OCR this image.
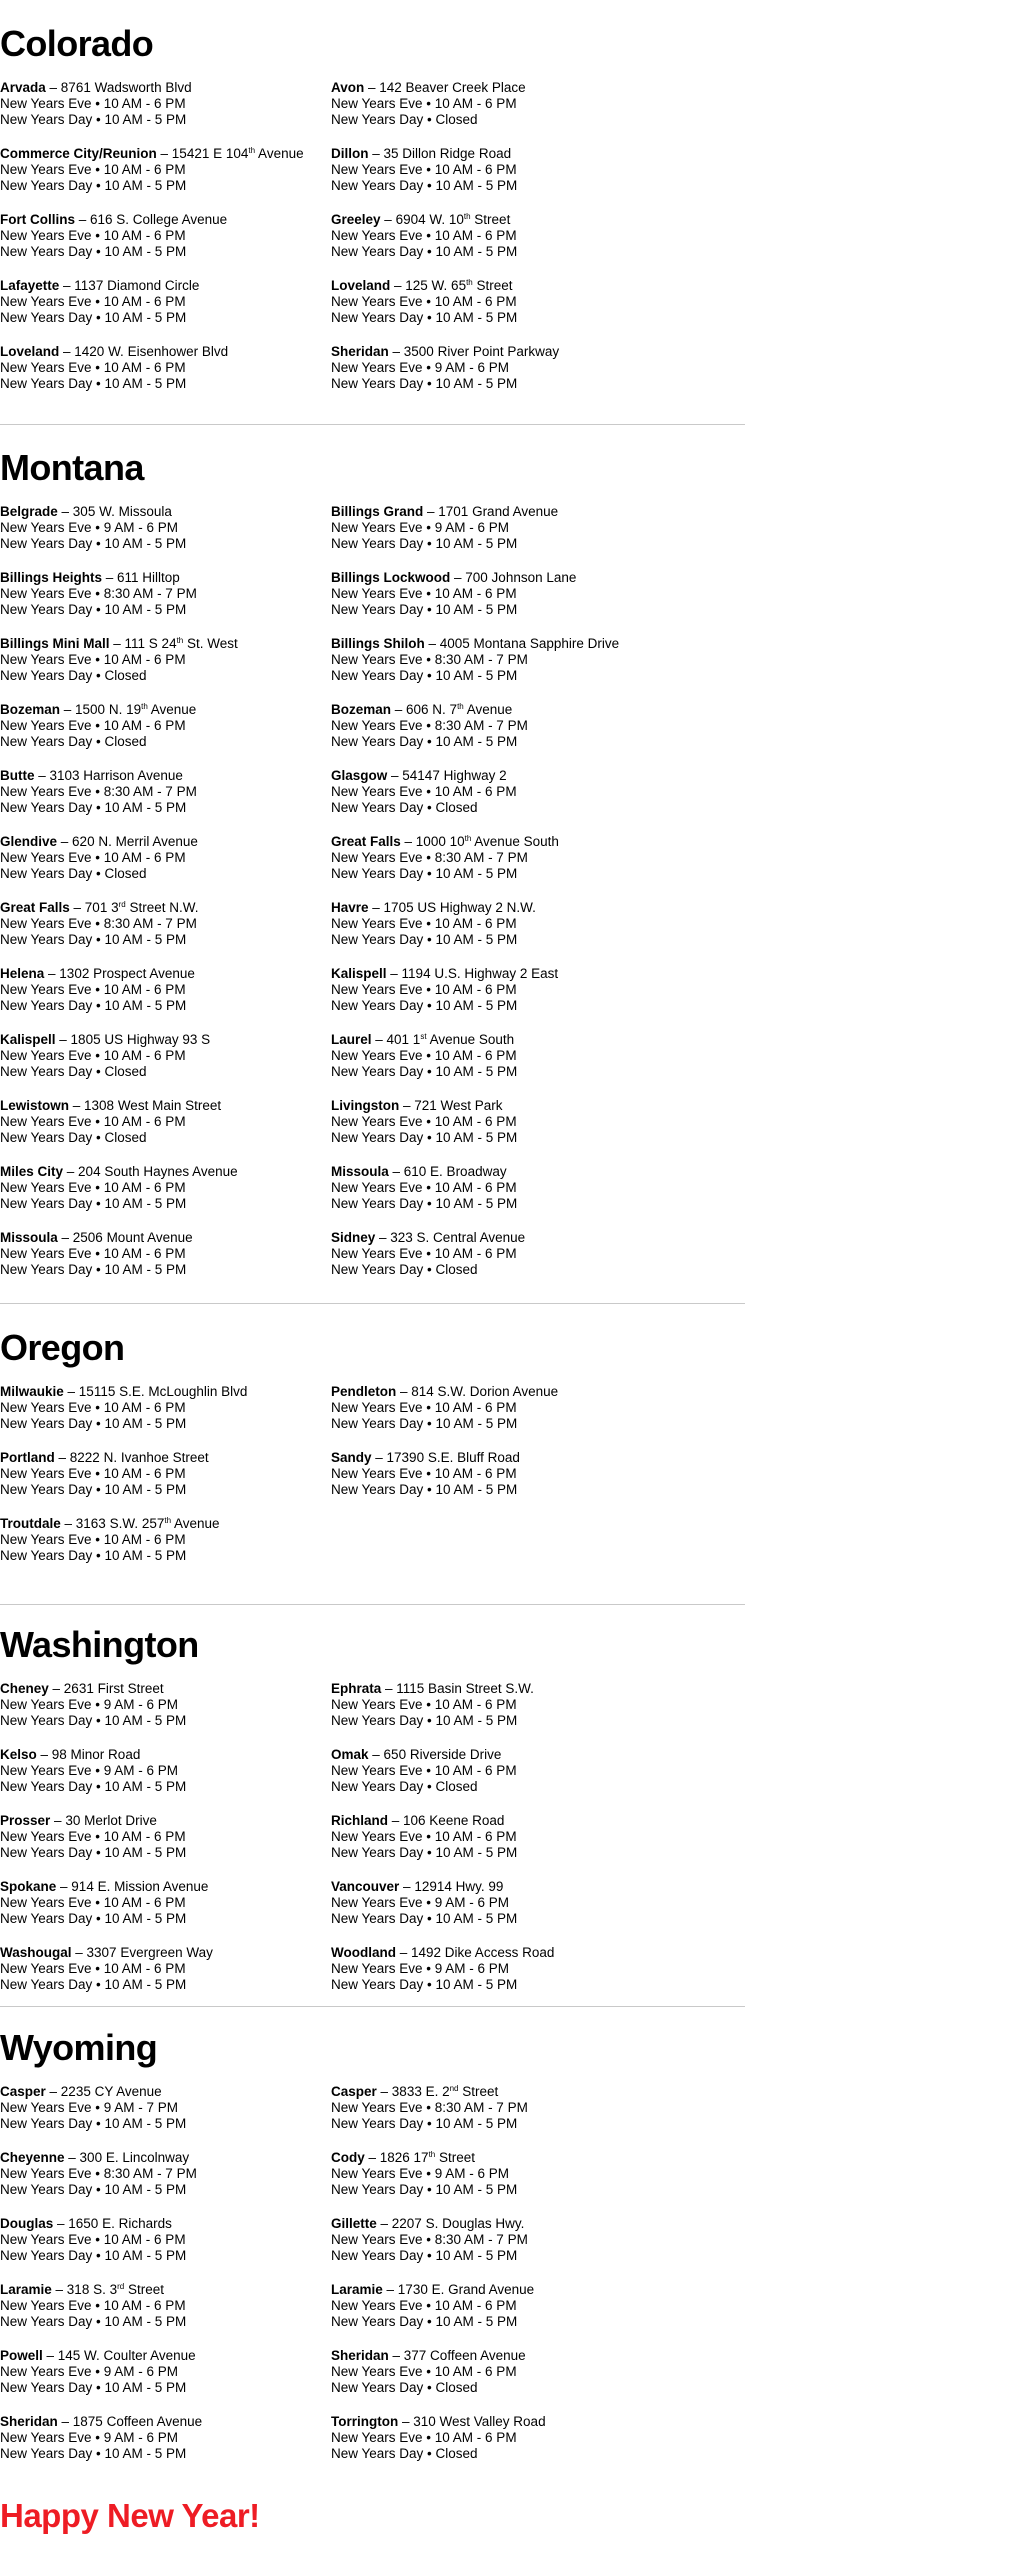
Colorado
Arvada – 8761 Wadsworth Blvd
New Years Eve • 10 AM - 6 PM
New Years Day • 10 AM - 5 PM
Commerce City/Reunion – 15421 E 104th Avenue
New Years Eve • 10 AM - 6 PM
New Years Day • 10 AM - 5 PM
Fort Collins – 616 S. College Avenue
New Years Eve • 10 AM - 6 PM
New Years Day • 10 AM - 5 PM
Lafayette – 1137 Diamond Circle
New Years Eve • 10 AM - 6 PM
New Years Day • 10 AM - 5 PM
Loveland – 1420 W. Eisenhower Blvd
New Years Eve • 10 AM - 6 PM
New Years Day • 10 AM - 5 PM
Avon – 142 Beaver Creek Place
New Years Eve • 10 AM - 6 PM
New Years Day • Closed
Dillon – 35 Dillon Ridge Road
New Years Eve • 10 AM - 6 PM
New Years Day • 10 AM - 5 PM
Greeley – 6904 W. 10th Street
New Years Eve • 10 AM - 6 PM
New Years Day • 10 AM - 5 PM
Loveland – 125 W. 65th Street
New Years Eve • 10 AM - 6 PM
New Years Day • 10 AM - 5 PM
Sheridan – 3500 River Point Parkway
New Years Eve • 9 AM - 6 PM
New Years Day • 10 AM - 5 PM
Montana
Belgrade – 305 W. Missoula
New Years Eve • 9 AM - 6 PM
New Years Day • 10 AM - 5 PM
Billings Heights – 611 Hilltop
New Years Eve • 8:30 AM - 7 PM
New Years Day • 10 AM - 5 PM
Billings Mini Mall – 111 S 24th St. West
New Years Eve • 10 AM - 6 PM
New Years Day • Closed
Bozeman – 1500 N. 19th Avenue
New Years Eve • 10 AM - 6 PM
New Years Day • Closed
Butte – 3103 Harrison Avenue
New Years Eve • 8:30 AM - 7 PM
New Years Day • 10 AM - 5 PM
Glendive – 620 N. Merril Avenue
New Years Eve • 10 AM - 6 PM
New Years Day • Closed
Great Falls – 701 3rd Street N.W.
New Years Eve • 8:30 AM - 7 PM
New Years Day • 10 AM - 5 PM
Helena – 1302 Prospect Avenue
New Years Eve • 10 AM - 6 PM
New Years Day • 10 AM - 5 PM
Kalispell – 1805 US Highway 93 S
New Years Eve • 10 AM - 6 PM
New Years Day • Closed
Lewistown – 1308 West Main Street
New Years Eve • 10 AM - 6 PM
New Years Day • Closed
Miles City – 204 South Haynes Avenue
New Years Eve • 10 AM - 6 PM
New Years Day • 10 AM - 5 PM
Missoula – 2506 Mount Avenue
New Years Eve • 10 AM - 6 PM
New Years Day • 10 AM - 5 PM
Billings Grand – 1701 Grand Avenue
New Years Eve • 9 AM - 6 PM
New Years Day • 10 AM - 5 PM
Billings Lockwood – 700 Johnson Lane
New Years Eve • 10 AM - 6 PM
New Years Day • 10 AM - 5 PM
Billings Shiloh – 4005 Montana Sapphire Drive
New Years Eve • 8:30 AM - 7 PM
New Years Day • 10 AM - 5 PM
Bozeman – 606 N. 7th Avenue
New Years Eve • 8:30 AM - 7 PM
New Years Day • 10 AM - 5 PM
Glasgow – 54147 Highway 2
New Years Eve • 10 AM - 6 PM
New Years Day • Closed
Great Falls – 1000 10th Avenue South
New Years Eve • 8:30 AM - 7 PM
New Years Day • 10 AM - 5 PM
Havre – 1705 US Highway 2 N.W.
New Years Eve • 10 AM - 6 PM
New Years Day • 10 AM - 5 PM
Kalispell – 1194 U.S. Highway 2 East
New Years Eve • 10 AM - 6 PM
New Years Day • 10 AM - 5 PM
Laurel – 401 1st Avenue South
New Years Eve • 10 AM - 6 PM
New Years Day • 10 AM - 5 PM
Livingston – 721 West Park
New Years Eve • 10 AM - 6 PM
New Years Day • 10 AM - 5 PM
Missoula – 610 E. Broadway
New Years Eve • 10 AM - 6 PM
New Years Day • 10 AM - 5 PM
Sidney – 323 S. Central Avenue
New Years Eve • 10 AM - 6 PM
New Years Day • Closed
Oregon
Milwaukie – 15115 S.E. McLoughlin Blvd
New Years Eve • 10 AM - 6 PM
New Years Day • 10 AM - 5 PM
Portland – 8222 N. Ivanhoe Street
New Years Eve • 10 AM - 6 PM
New Years Day • 10 AM - 5 PM
Troutdale – 3163 S.W. 257th Avenue
New Years Eve • 10 AM - 6 PM
New Years Day • 10 AM - 5 PM
Pendleton – 814 S.W. Dorion Avenue
New Years Eve • 10 AM - 6 PM
New Years Day • 10 AM - 5 PM
Sandy – 17390 S.E. Bluff Road
New Years Eve • 10 AM - 6 PM
New Years Day • 10 AM - 5 PM
Washington
Cheney – 2631 First Street
New Years Eve • 9 AM - 6 PM
New Years Day • 10 AM - 5 PM
Kelso – 98 Minor Road
New Years Eve • 9 AM - 6 PM
New Years Day • 10 AM - 5 PM
Prosser – 30 Merlot Drive
New Years Eve • 10 AM - 6 PM
New Years Day • 10 AM - 5 PM
Spokane – 914 E. Mission Avenue
New Years Eve • 10 AM - 6 PM
New Years Day • 10 AM - 5 PM
Washougal – 3307 Evergreen Way
New Years Eve • 10 AM - 6 PM
New Years Day • 10 AM - 5 PM
Ephrata – 1115 Basin Street S.W.
New Years Eve • 10 AM - 6 PM
New Years Day • 10 AM - 5 PM
Omak – 650 Riverside Drive
New Years Eve • 10 AM - 6 PM
New Years Day • Closed
Richland – 106 Keene Road
New Years Eve • 10 AM - 6 PM
New Years Day • 10 AM - 5 PM
Vancouver – 12914 Hwy. 99
New Years Eve • 9 AM - 6 PM
New Years Day • 10 AM - 5 PM
Woodland – 1492 Dike Access Road
New Years Eve • 9 AM - 6 PM
New Years Day • 10 AM - 5 PM
Wyoming
Casper – 2235 CY Avenue
New Years Eve • 9 AM - 7 PM
New Years Day • 10 AM - 5 PM
Cheyenne – 300 E. Lincolnway
New Years Eve • 8:30 AM - 7 PM
New Years Day • 10 AM - 5 PM
Douglas – 1650 E. Richards
New Years Eve • 10 AM - 6 PM
New Years Day • 10 AM - 5 PM
Laramie – 318 S. 3rd Street
New Years Eve • 10 AM - 6 PM
New Years Day • 10 AM - 5 PM
Powell – 145 W. Coulter Avenue
New Years Eve • 9 AM - 6 PM
New Years Day • 10 AM - 5 PM
Sheridan – 1875 Coffeen Avenue
New Years Eve • 9 AM - 6 PM
New Years Day • 10 AM - 5 PM
Casper – 3833 E. 2nd Street
New Years Eve • 8:30 AM - 7 PM
New Years Day • 10 AM - 5 PM
Cody – 1826 17th Street
New Years Eve • 9 AM - 6 PM
New Years Day • 10 AM - 5 PM
Gillette – 2207 S. Douglas Hwy.
New Years Eve • 8:30 AM - 7 PM
New Years Day • 10 AM - 5 PM
Laramie – 1730 E. Grand Avenue
New Years Eve • 10 AM - 6 PM
New Years Day • 10 AM - 5 PM
Sheridan – 377 Coffeen Avenue
New Years Eve • 10 AM - 6 PM
New Years Day • Closed
Torrington – 310 West Valley Road
New Years Eve • 10 AM - 6 PM
New Years Day • Closed
Happy New Year!
